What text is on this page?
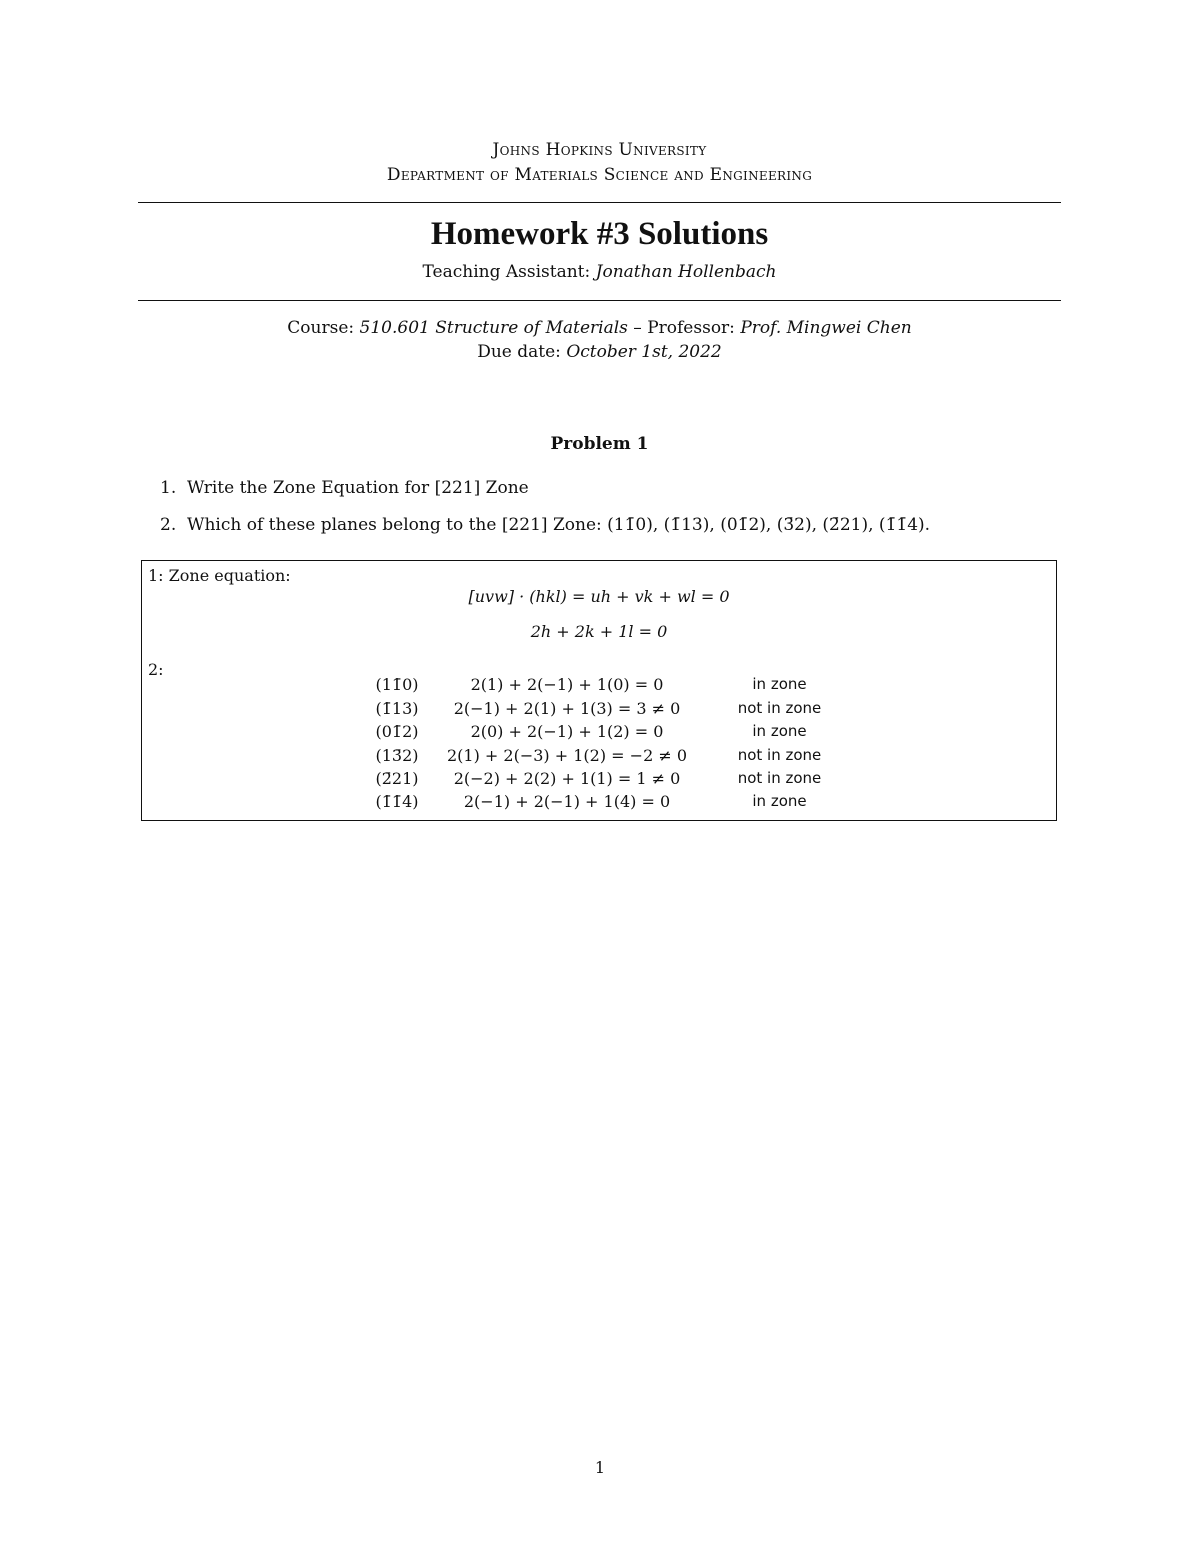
Johns Hopkins University
Department of Materials Science and Engineering
Homework #3 Solutions
Teaching Assistant: Jonathan Hollenbach
Course: 510.601 Structure of Materials – Professor: Prof. Mingwei Chen
Due date: October 1st, 2022
Problem 1
1. Write the Zone Equation for [221] Zone
2. Which of these planes belong to the [221] Zone: (11̄0), (1̄13), (01̄2), (3̄2), (2̄21), (1̄1̄4).
1: Zone equation:
[uvw] · (hkl) = uh + vk + wl = 0
2h + 2k + 1l = 0
2:
(11̄0)	2(1) + 2(−1) + 1(0) = 0	in zone
(1̄13)	2(−1) + 2(1) + 1(3) = 3 ≠ 0	not in zone
(01̄2)	2(0) + 2(−1) + 1(2) = 0	in zone
(13̄2)	2(1) + 2(−3) + 1(2) = −2 ≠ 0	not in zone
(2̄21)	2(−2) + 2(2) + 1(1) = 1 ≠ 0	not in zone
(1̄1̄4)	2(−1) + 2(−1) + 1(4) = 0	in zone
1
